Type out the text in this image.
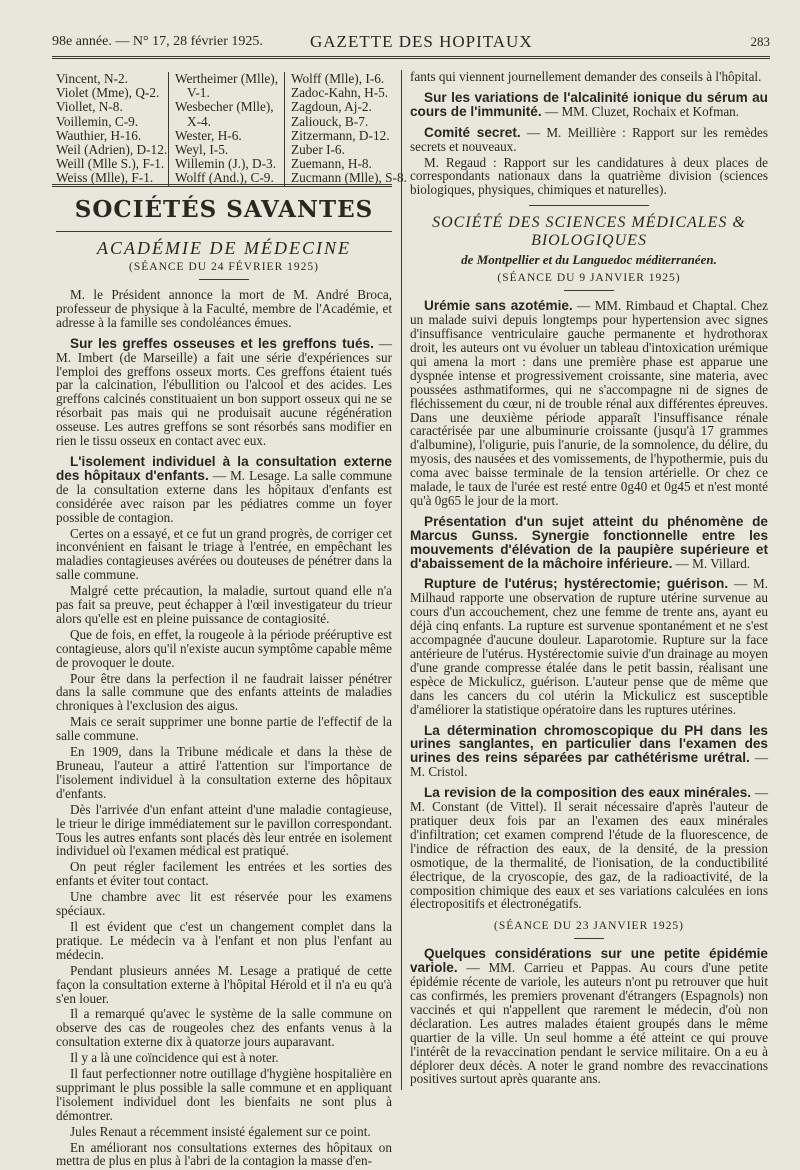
98e année. — N° 17, 28 février 1925.	GAZETTE DES HOPITAUX	283
Vincent, N-2.
Violet (Mme), Q-2.
Viollet, N-8.
Voillemin, C-9.
Wauthier, H-16.
Weil (Adrien), D-12.
Weill (Mlle S.), F-1.
Weiss (Mlle), F-1.
Wertheimer (Mlle),
V-1.
Wesbecher (Mlle),
X-4.
Wester, H-6.
Weyl, I-5.
Willemin (J.), D-3.
Wolff (And.), C-9.
Wolff (Mlle), I-6.
Zadoc-Kahn, H-5.
Zagdoun, Aj-2.
Zaliouck, B-7.
Zitzermann, D-12.
Zuber I-6.
Zuemann, H-8.
Zucmann (Mlle), S-8.
SOCIÉTÉS SAVANTES
ACADÉMIE DE MÉDECINE
(SÉANCE DU 24 FÉVRIER 1925)

M. le Président annonce la mort de M. André Broca, professeur de physique à la Faculté, membre de l'Académie, et adresse à la famille ses condoléances émues.

Sur les greffes osseuses et les greffons tués. — M. Imbert (de Marseille) a fait une série d'expériences sur l'emploi des greffons osseux morts. Ces greffons étaient tués par la calcination, l'ébullition ou l'alcool et des acides. Les greffons calcinés constituaient un bon support osseux qui ne se résorbait pas mais qui ne produisait aucune régénération osseuse. Les autres greffons se sont résorbés sans modifier en rien le tissu osseux en contact avec eux.

L'isolement individuel à la consultation externe des hôpitaux d'enfants. — M. Lesage. La salle commune de la consultation externe dans les hôpitaux d'enfants est considérée avec raison par les pédiatres comme un foyer possible de contagion.

Certes on a essayé, et ce fut un grand progrès, de corriger cet inconvénient en faisant le triage à l'entrée, en empêchant les maladies contagieuses avérées ou douteuses de pénétrer dans la salle commune.

Malgré cette précaution, la maladie, surtout quand elle n'a pas fait sa preuve, peut échapper à l'œil investigateur du trieur alors qu'elle est en pleine puissance de contagiosité.

Que de fois, en effet, la rougeole à la période prééruptive est contagieuse, alors qu'il n'existe aucun symptôme capable même de provoquer le doute.

Pour être dans la perfection il ne faudrait laisser pénétrer dans la salle commune que des enfants atteints de maladies chroniques à l'exclusion des aigus.

Mais ce serait supprimer une bonne partie de l'effectif de la salle commune.

En 1909, dans la Tribune médicale et dans la thèse de Bruneau, l'auteur a attiré l'attention sur l'importance de l'isolement individuel à la consultation externe des hôpitaux d'enfants.

Dès l'arrivée d'un enfant atteint d'une maladie contagieuse, le trieur le dirige immédiatement sur le pavillon correspondant. Tous les autres enfants sont placés dès leur entrée en isolement individuel où l'examen médical est pratiqué.

On peut régler facilement les entrées et les sorties des enfants et éviter tout contact.

Une chambre avec lit est réservée pour les examens spéciaux.

Il est évident que c'est un changement complet dans la pratique. Le médecin va à l'enfant et non plus l'enfant au médecin.

Pendant plusieurs années M. Lesage a pratiqué de cette façon la consultation externe à l'hôpital Hérold et il n'a eu qu'à s'en louer.

Il a remarqué qu'avec le système de la salle commune on observe des cas de rougeoles chez des enfants venus à la consultation externe dix à quatorze jours auparavant.

Il y a là une coïncidence qui est à noter.

Il faut perfectionner notre outillage d'hygiène hospitalière en supprimant le plus possible la salle commune et en appliquant l'isolement individuel dont les bienfaits ne sont plus à démontrer.

Jules Renaut a récemment insisté également sur ce point.

En améliorant nos consultations externes des hôpitaux on mettra de plus en plus à l'abri de la contagion la masse d'en-

fants qui viennent journellement demander des conseils à l'hôpital.

Sur les variations de l'alcalinité ionique du sérum au cours de l'immunité. — MM. Cluzet, Rochaix et Kofman.

Comité secret. — M. Meillière : Rapport sur les remèdes secrets et nouveaux.

M. Regaud : Rapport sur les candidatures à deux places de correspondants nationaux dans la quatrième division (sciences biologiques, physiques, chimiques et naturelles).

SOCIÉTÉ DES SCIENCES MÉDICALES & BIOLOGIQUES
de Montpellier et du Languedoc méditerranéen.
(SÉANCE DU 9 JANVIER 1925)

Urémie sans azotémie. — MM. Rimbaud et Chaptal. Chez un malade suivi depuis longtemps pour hypertension avec signes d'insuffisance ventriculaire gauche permanente et hydrothorax droit, les auteurs ont vu évoluer un tableau d'intoxication urémique qui amena la mort : dans une première phase est apparue une dyspnée intense et progressivement croissante, sine materia, avec poussées asthmatiformes, qui ne s'accompagne ni de signes de fléchissement du cœur, ni de trouble rénal aux différentes épreuves. Dans une deuxième période apparaît l'insuffisance rénale caractérisée par une albuminurie croissante (jusqu'à 17 grammes d'albumine), l'oligurie, puis l'anurie, de la somnolence, du délire, du myosis, des nausées et des vomissements, de l'hypothermie, puis du coma avec baisse terminale de la tension artérielle. Or chez ce malade, le taux de l'urée est resté entre 0g40 et 0g45 et n'est monté qu'à 0g65 le jour de la mort.

Présentation d'un sujet atteint du phénomène de Marcus Gunss. Synergie fonctionnelle entre les mouvements d'élévation de la paupière supérieure et d'abaissement de la mâchoire inférieure. — M. Villard.

Rupture de l'utérus; hystérectomie; guérison. — M. Milhaud rapporte une observation de rupture utérine survenue au cours d'un accouchement, chez une femme de trente ans, ayant eu déjà cinq enfants. La rupture est survenue spontanément et ne s'est accompagnée d'aucune douleur. Laparotomie. Rupture sur la face antérieure de l'utérus. Hystérectomie suivie d'un drainage au moyen d'une grande compresse étalée dans le petit bassin, réalisant une espèce de Mickulicz, guérison. L'auteur pense que de même que dans les cancers du col utérin la Mickulicz est susceptible d'améliorer la statistique opératoire dans les ruptures utérines.

La détermination chromoscopique du PH dans les urines sanglantes, en particulier dans l'examen des urines des reins séparées par cathétérisme urétral. — M. Cristol.

La revision de la composition des eaux minérales. — M. Constant (de Vittel). Il serait nécessaire d'après l'auteur de pratiquer deux fois par an l'examen des eaux minérales d'infiltration; cet examen comprend l'étude de la fluorescence, de l'indice de réfraction des eaux, de la densité, de la pression osmotique, de la thermalité, de l'ionisation, de la conductibilité électrique, de la cryoscopie, des gaz, de la radioactivité, de la composition chimique des eaux et ses variations calculées en ions électropositifs et électronégatifs.

(SÉANCE DU 23 JANVIER 1925)

Quelques considérations sur une petite épidémie variole. — MM. Carrieu et Pappas. Au cours d'une petite épidémie récente de variole, les auteurs n'ont pu retrouver que huit cas confirmés, les premiers provenant d'étrangers (Espagnols) non vaccinés et qui n'appellent que rarement le médecin, d'où non déclaration. Les autres malades étaient groupés dans le même quartier de la ville. Un seul homme a été atteint ce qui prouve l'intérêt de la revaccination pendant le service militaire. On a eu à déplorer deux décès. A noter le grand nombre des revaccinations positives surtout après quarante ans.
